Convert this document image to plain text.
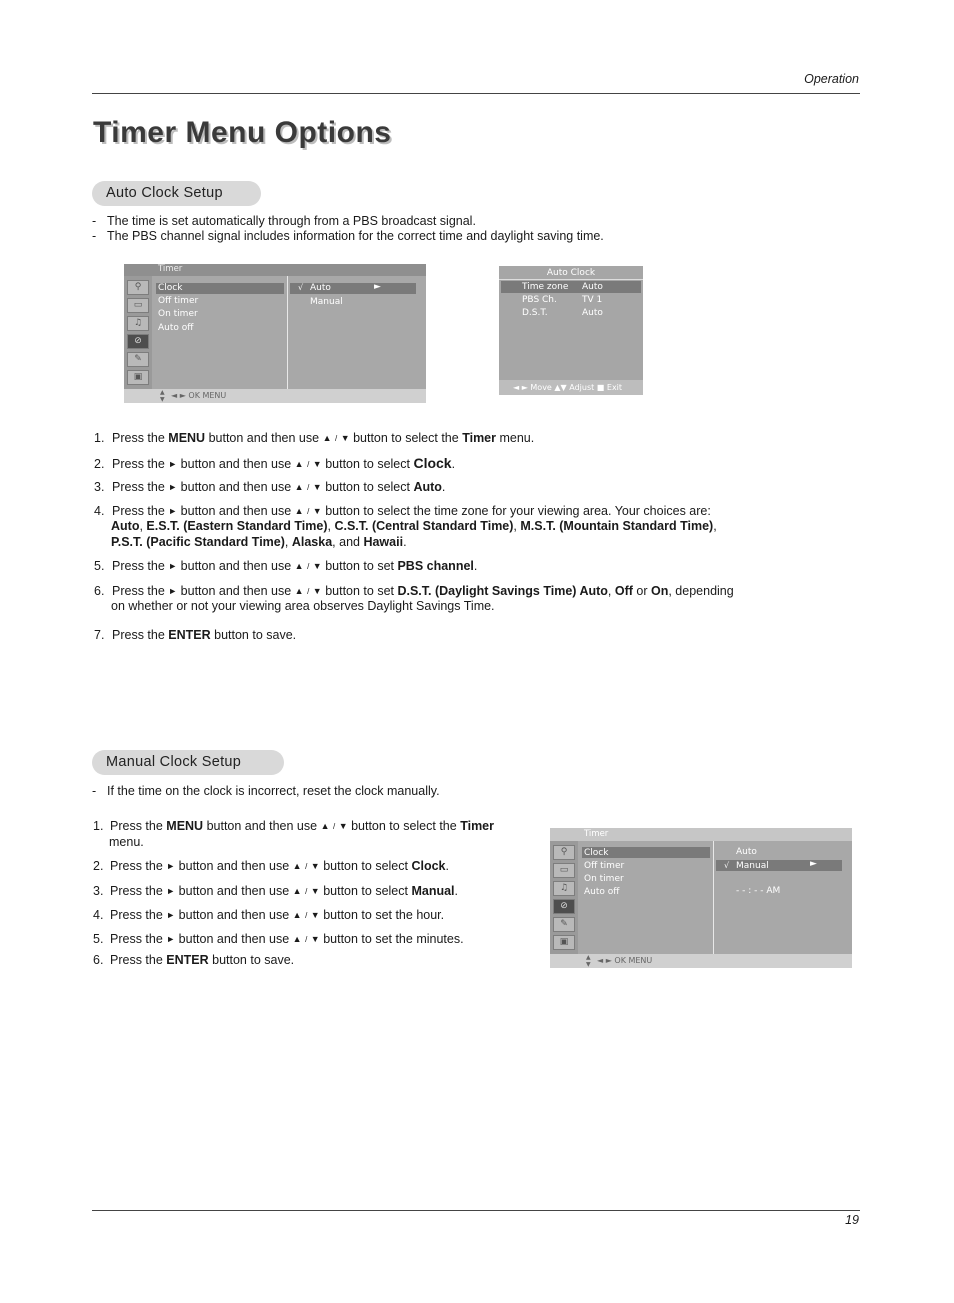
Operation
Timer Menu Options
Auto Clock Setup
- The time is set automatically through from a PBS broadcast signal.
- The PBS channel signal includes information for the correct time and daylight saving time.
Timer
⚲
▭
♫
⊘
✎
▣
Clock
Off timer
On timer
Auto off
√ Auto	►
Manual
▲▼ ◄ ► OK MENU
Auto Clock
Time zone Auto
PBS Ch.	TV 1
D.S.T.	Auto
◄ ► Move ▲▼ Adjust ■ Exit
1. Press the MENU button and then use ▲ / ▼ button to select the Timer menu.
2. Press the ► button and then use ▲ / ▼ button to select Clock.
3. Press the ► button and then use ▲ / ▼ button to select Auto.
4. Press the ► button and then use ▲ / ▼ button to select the time zone for your viewing area. Your choices are:
Auto, E.S.T. (Eastern Standard Time), C.S.T. (Central Standard Time), M.S.T. (Mountain Standard Time),
P.S.T. (Pacific Standard Time), Alaska, and Hawaii.
5. Press the ► button and then use ▲ / ▼ button to set PBS channel.
6. Press the ► button and then use ▲ / ▼ button to set D.S.T. (Daylight Savings Time) Auto, Off or On, depending
on whether or not your viewing area observes Daylight Savings Time.
7. Press the ENTER button to save.
Manual Clock Setup
- If the time on the clock is incorrect, reset the clock manually.
1. Press the MENU button and then use ▲ / ▼ button to select the Timer
menu.
2. Press the ► button and then use ▲ / ▼ button to select Clock.
3. Press the ► button and then use ▲ / ▼ button to select Manual.
4. Press the ► button and then use ▲ / ▼ button to set the hour.
5. Press the ► button and then use ▲ / ▼ button to set the minutes.
6. Press the ENTER button to save.
Timer
⚲
▭
♫
⊘
✎
▣
Clock
Off timer
On timer
Auto off
Auto
√ Manual	►
- - : - - AM
▲▼ ◄ ► OK MENU
19
